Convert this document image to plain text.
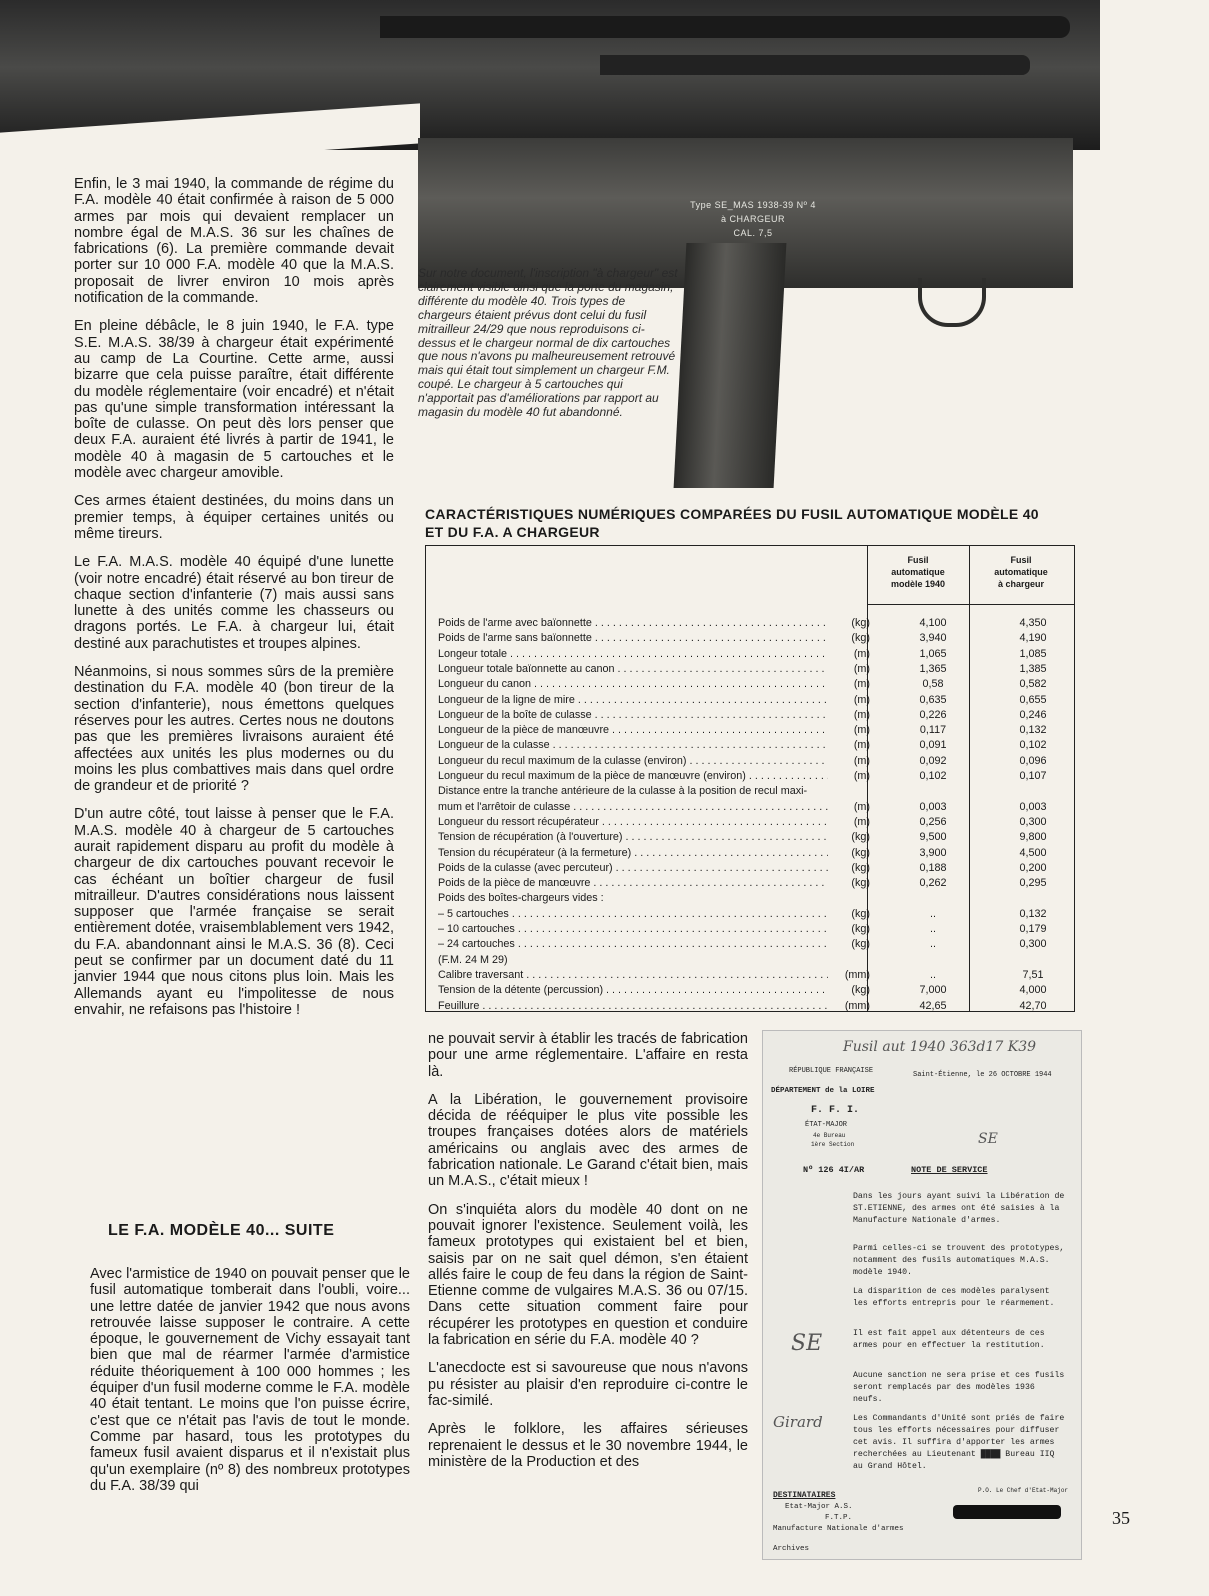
Type SE_MAS 1938-39 Nº 4
à CHARGEUR
CAL. 7,5
Sur notre document, l'inscription "à chargeur" est clairement visible ainsi que la porte du magasin, différente du modèle 40. Trois types de chargeurs étaient prévus dont celui du fusil mitrailleur 24/29 que nous reproduisons ci-dessus et le chargeur normal de dix cartouches que nous n'avons pu malheureusement retrouvé mais qui était tout simplement un chargeur F.M. coupé. Le chargeur à 5 cartouches qui n'apportait pas d'améliorations par rapport au magasin du modèle 40 fut abandonné.

Enfin, le 3 mai 1940, la commande de régime du F.A. modèle 40 était confirmée à raison de 5 000 armes par mois qui devaient remplacer un nombre égal de M.A.S. 36 sur les chaînes de fabrications (6). La première commande devait porter sur 10 000 F.A. modèle 40 que la M.A.S. proposait de livrer environ 10 mois après notification de la commande.

En pleine débâcle, le 8 juin 1940, le F.A. type S.E. M.A.S. 38/39 à chargeur était expérimenté au camp de La Courtine. Cette arme, aussi bizarre que cela puisse paraître, était différente du modèle réglementaire (voir encadré) et n'était pas qu'une simple transformation intéressant la boîte de culasse. On peut dès lors penser que deux F.A. auraient été livrés à partir de 1941, le modèle 40 à magasin de 5 cartouches et le modèle avec chargeur amovible.

Ces armes étaient destinées, du moins dans un premier temps, à équiper certaines unités ou même tireurs.

Le F.A. M.A.S. modèle 40 équipé d'une lunette (voir notre encadré) était réservé au bon tireur de chaque section d'infanterie (7) mais aussi sans lunette à des unités comme les chasseurs ou dragons portés. Le F.A. à chargeur lui, était destiné aux parachutistes et troupes alpines.

Néanmoins, si nous sommes sûrs de la première destination du F.A. modèle 40 (bon tireur de la section d'infanterie), nous émettons quelques réserves pour les autres. Certes nous ne doutons pas que les premières livraisons auraient été affectées aux unités les plus modernes ou du moins les plus combattives mais dans quel ordre de grandeur et de priorité ?

D'un autre côté, tout laisse à penser que le F.A. M.A.S. modèle 40 à chargeur de 5 cartouches aurait rapidement disparu au profit du modèle à chargeur de dix cartouches pouvant recevoir le cas échéant un boîtier chargeur de fusil mitrailleur. D'autres considérations nous laissent supposer que l'armée française se serait entièrement dotée, vraisemblablement vers 1942, du F.A. abandonnant ainsi le M.A.S. 36 (8). Ceci peut se confirmer par un document daté du 11 janvier 1944 que nous citons plus loin. Mais les Allemands ayant eu l'impolitesse de nous envahir, ne refaisons pas l'histoire !

LE F.A. MODÈLE 40... SUITE

Avec l'armistice de 1940 on pouvait penser que le fusil automatique tomberait dans l'oubli, voire... une lettre datée de janvier 1942 que nous avons retrouvée laisse supposer le contraire. A cette époque, le gouvernement de Vichy essayait tant bien que mal de réarmer l'armée d'armistice réduite théoriquement à 100 000 hommes ; les équiper d'un fusil moderne comme le F.A. modèle 40 était tentant. Le moins que l'on puisse écrire, c'est que ce n'était pas l'avis de tout le monde. Comme par hasard, tous les prototypes du fameux fusil avaient disparus et il n'existait plus qu'un exemplaire (nº 8) des nombreux prototypes du F.A. 38/39 qui

CARACTÉRISTIQUES NUMÉRIQUES COMPARÉES DU FUSIL AUTOMATIQUE MODÈLE 40
ET DU F.A. A CHARGEUR
Fusil
automatique
modèle 1940
Fusil
automatique
à chargeur
Poids de l'arme avec baïonnette . . .	(kg)	4,100	4,350
Poids de l'arme sans baïonnette . . .	(kg)	3,940	4,190
Longeur totale . . .	(m)	1,065	1,085
Longueur totale baïonnette au canon . . .	(m)	1,365	1,385
Longueur du canon . . .	(m)	0,58	0,582
Longueur de la ligne de mire . . .	(m)	0,635	0,655
Longueur de la boîte de culasse . . .	(m)	0,226	0,246
Longueur de la pièce de manœuvre . . .	(m)	0,117	0,132
Longueur de la culasse . . .	(m)	0,091	0,102
Longueur du recul maximum de la culasse (environ) . . .	(m)	0,092	0,096
Longueur du recul maximum de la pièce de manœuvre (environ) . . .	(m)	0,102	0,107
Distance entre la tranche antérieure de la culasse à la position de recul maxi-
mum et l'arrêtoir de culasse . . .	(m)	0,003	0,003
Longueur du ressort récupérateur . . .	(m)	0,256	0,300
Tension de récupération (à l'ouverture) . . .	(kg)	9,500	9,800
Tension du récupérateur (à la fermeture) . . .	(kg)	3,900	4,500
Poids de la culasse (avec percuteur) . . .	(kg)	0,188	0,200
Poids de la pièce de manœuvre . . .	(kg)	0,262	0,295
Poids des boîtes-chargeurs vides :
– 5 cartouches . . .	(kg)	..	0,132
– 10 cartouches . . .	(kg)	..	0,179
– 24 cartouches . . .	(kg)	..	0,300
(F.M. 24 M 29)
Calibre traversant . . .	(mm)	..	7,51
Tension de la détente (percussion) . . .	(kg)	7,000	4,000
Feuillure . . .	(mm)	42,65	42,70
Fusil aut 1940 363d17 K39
RÉPUBLIQUE FRANÇAISE
DÉPARTEMENT de la LOIRE
F. F. I.
ÉTAT-MAJOR
4e Bureau
1ère Section
Saint-Étienne, le 26 OCTOBRE 1944
SE
Nº 126 4I/AR	NOTE DE SERVICE
Dans les jours ayant suivi la Libération de ST.ETIENNE, des armes ont été saisies à la Manufacture Nationale d'armes.
Parmi celles-ci se trouvent des prototypes, notamment des fusils automatiques M.A.S. modèle 1940.
La disparition de ces modèles paralysent les efforts entrepris pour le réarmement.
Il est fait appel aux détenteurs de ces armes pour en effectuer la restitution.
Aucune sanction ne sera prise et ces fusils seront remplacés par des modèles 1936 neufs.
Les Commandants d'Unité sont priés de faire tous les efforts nécessaires pour diffuser cet avis. Il suffira d'apporter les armes recherchées au Lieutenant ████ Bureau IIQ au Grand Hôtel.
SE
Girard
P.O. Le Chef d'Etat-Major
DESTINATAIRES
Etat-Major A.S.
F.T.P.
Manufacture Nationale d'armes
Archives

ne pouvait servir à établir les tracés de fabrication pour une arme réglementaire. L'affaire en resta là.

A la Libération, le gouvernement provisoire décida de rééquiper le plus vite possible les troupes françaises dotées alors de matériels américains ou anglais avec des armes de fabrication nationale. Le Garand c'était bien, mais un M.A.S., c'était mieux !

On s'inquiéta alors du modèle 40 dont on ne pouvait ignorer l'existence. Seulement voilà, les fameux prototypes qui existaient bel et bien, saisis par on ne sait quel démon, s'en étaient allés faire le coup de feu dans la région de Saint-Etienne comme de vulgaires M.A.S. 36 ou 07/15. Dans cette situation comment faire pour récupérer les prototypes en question et conduire la fabrication en série du F.A. modèle 40 ?

L'anecdocte est si savoureuse que nous n'avons pu résister au plaisir d'en reproduire ci-contre le fac-similé.

Après le folklore, les affaires sérieuses reprenaient le dessus et le 30 novembre 1944, le ministère de la Production et des

35
